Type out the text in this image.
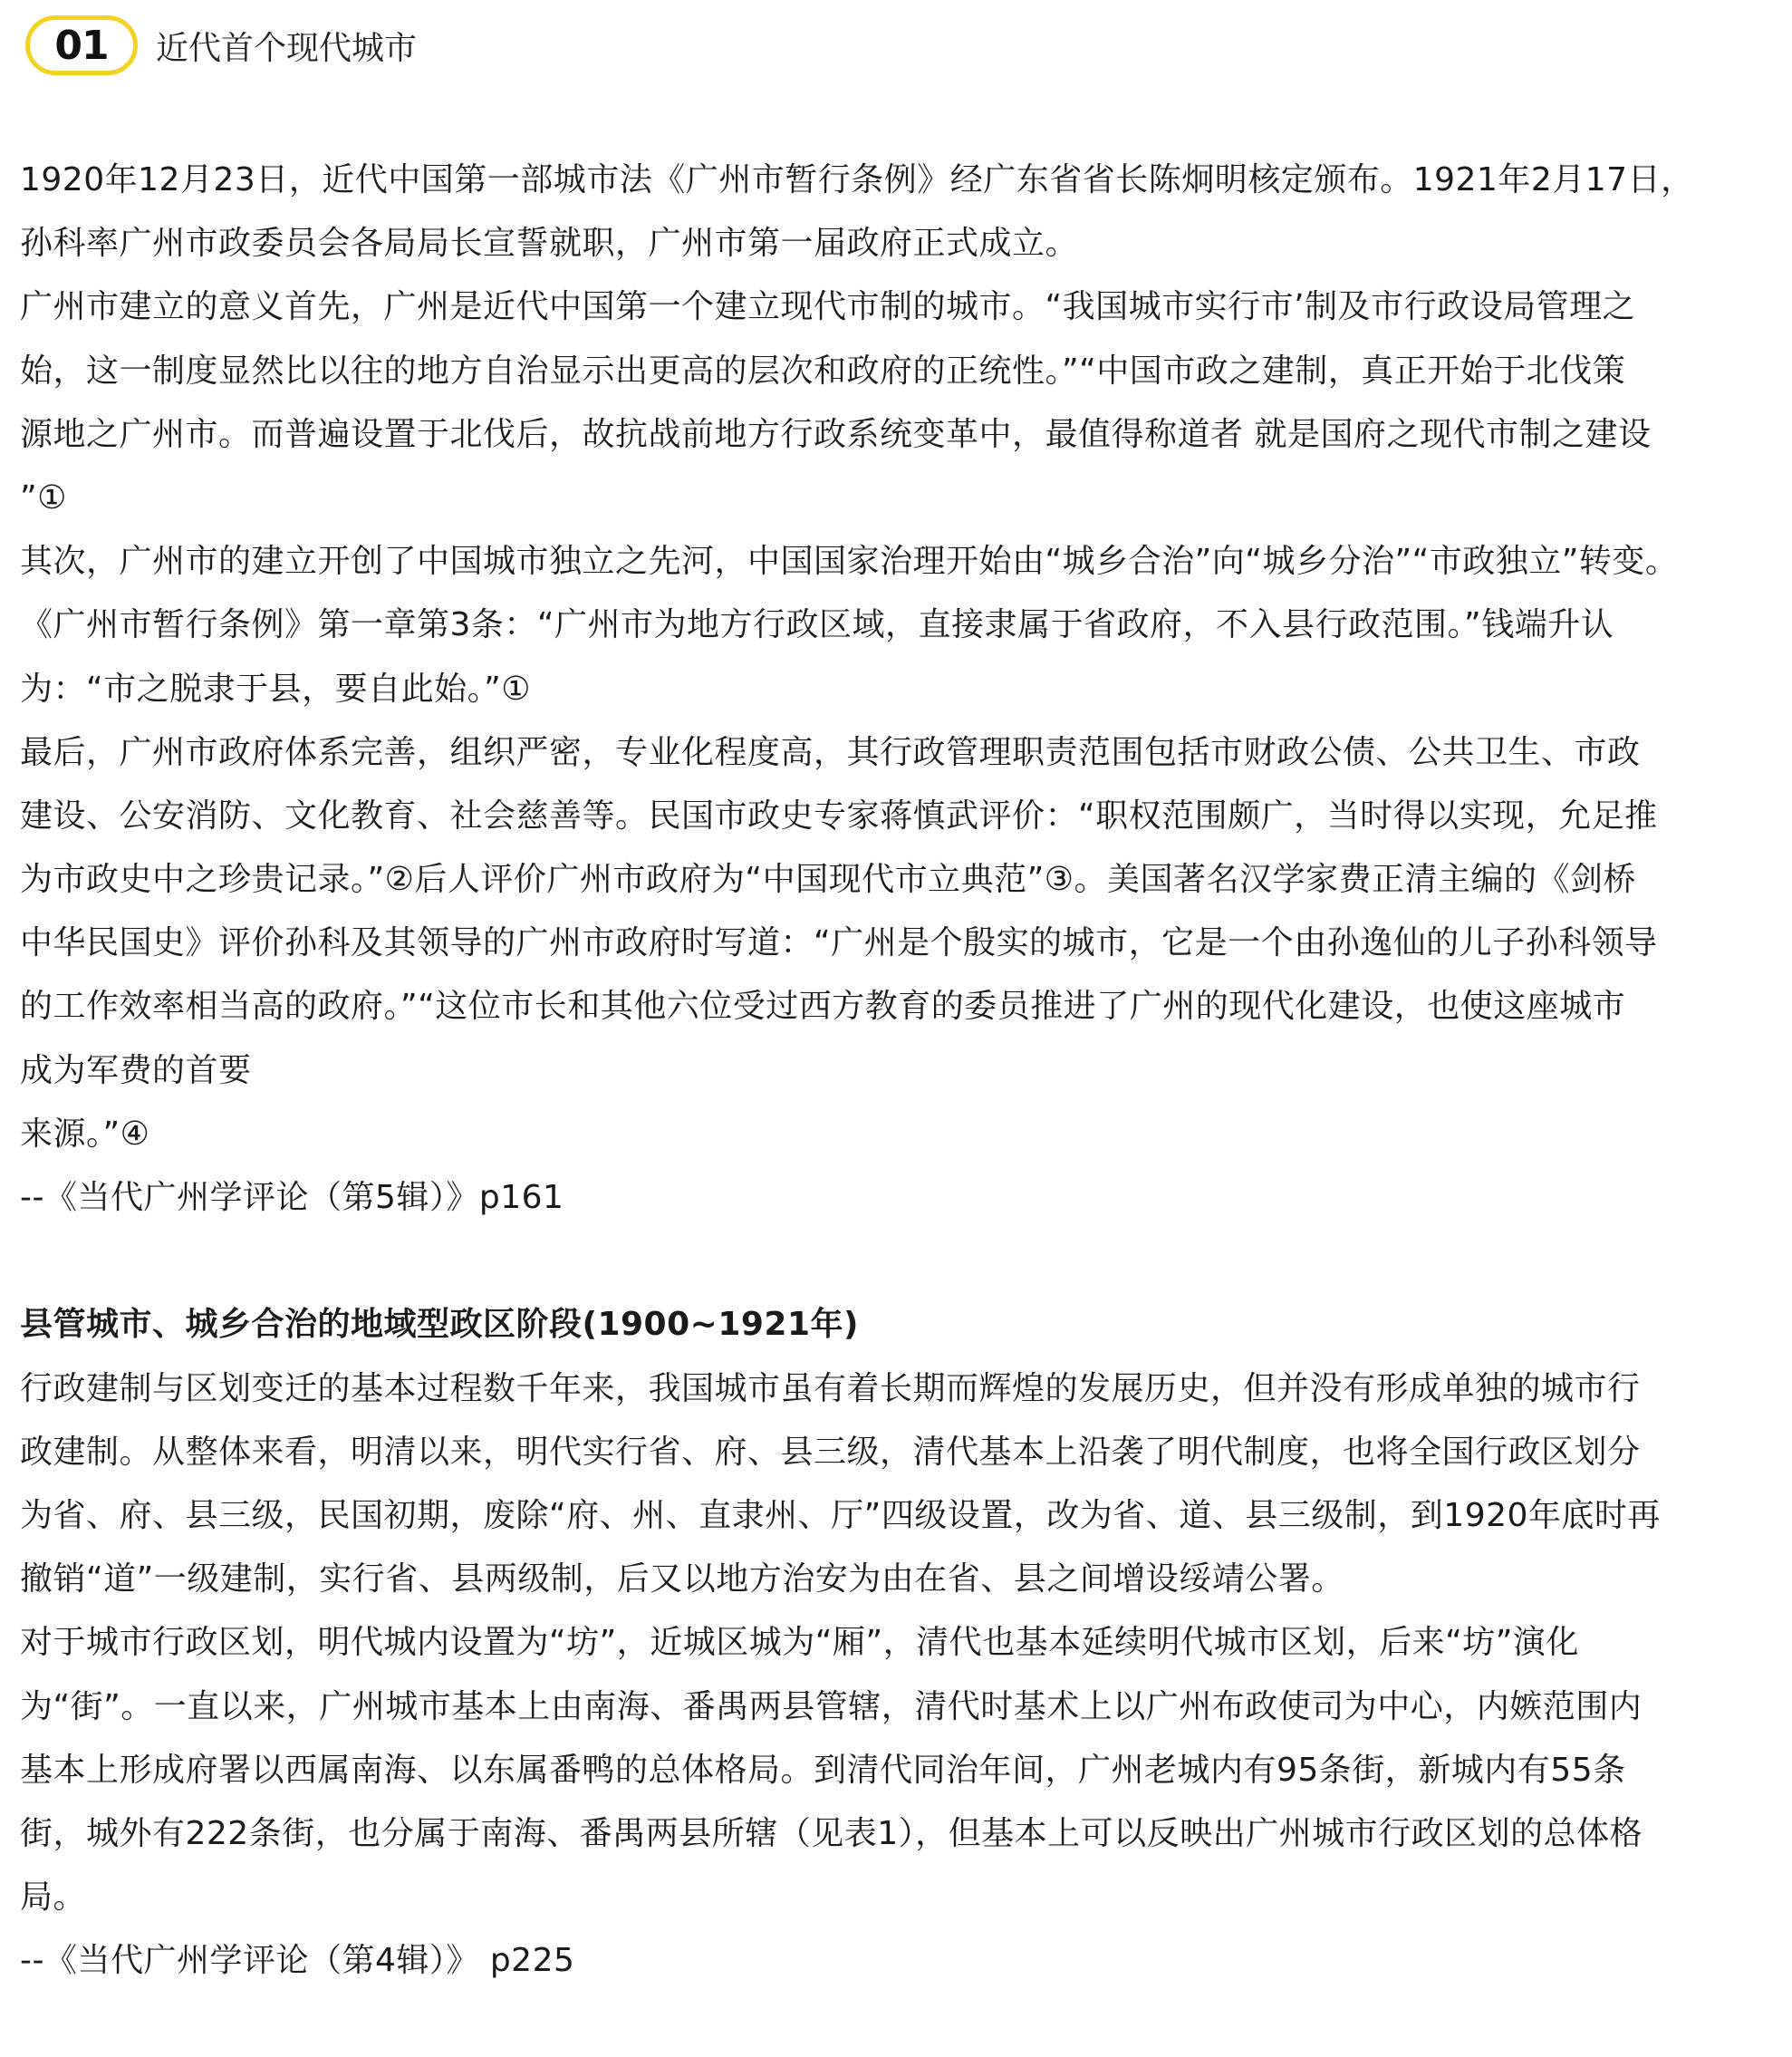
01	近代首个现代城市
1920年12月23日，近代中国第一部城市法《广州市暂行条例》经广东省省长陈炯明核定颁布。1921年2月17日，
孙科率广州市政委员会各局局长宣誓就职，广州市第一届政府正式成立。
广州市建立的意义首先，广州是近代中国第一个建立现代市制的城市。“我国城市实行市’制及市行政设局管理之
始，这一制度显然比以往的地方自治显示出更高的层次和政府的正统性。”“中国市政之建制，真正开始于北伐策
源地之广州市。而普遍设置于北伐后，故抗战前地方行政系统变革中，最值得称道者 就是国府之现代市制之建设
”①
其次，广州市的建立开创了中国城市独立之先河，中国国家治理开始由“城乡合治”向“城乡分治”“市政独立”转变。
《广州市暂行条例》第一章第3条：“广州市为地方行政区域，直接隶属于省政府，不入县行政范围。”钱端升认
为：“市之脱隶于县，要自此始。”①
最后，广州市政府体系完善，组织严密，专业化程度高，其行政管理职责范围包括市财政公债、公共卫生、市政
建设、公安消防、文化教育、社会慈善等。民国市政史专家蒋慎武评价：“职权范围颇广，当时得以实现，允足推
为市政史中之珍贵记录。”②后人评价广州市政府为“中国现代市立典范”③。美国著名汉学家费正清主编的《剑桥
中华民国史》评价孙科及其领导的广州市政府时写道：“广州是个殷实的城市，它是一个由孙逸仙的儿子孙科领导
的工作效率相当高的政府。”“这位市长和其他六位受过西方教育的委员推进了广州的现代化建设，也使这座城市
成为军费的首要
来源。”④
--《当代广州学评论（第5辑）》p161
县管城市、城乡合治的地域型政区阶段(1900~1921年)
行政建制与区划变迁的基本过程数千年来，我国城市虽有着长期而辉煌的发展历史，但并没有形成单独的城市行
政建制。从整体来看，明清以来，明代实行省、府、县三级，清代基本上沿袭了明代制度，也将全国行政区划分
为省、府、县三级，民国初期，废除“府、州、直隶州、厅”四级设置，改为省、道、县三级制，到1920年底时再
撤销“道”一级建制，实行省、县两级制，后又以地方治安为由在省、县之间增设绥靖公署。
对于城市行政区划，明代城内设置为“坊”，近城区城为“厢”，清代也基本延续明代城市区划，后来“坊”演化
为“街”。一直以来，广州城市基本上由南海、番禺两县管辖，清代时基术上以广州布政使司为中心，内嫉范围内
基本上形成府署以西属南海、以东属番鸭的总体格局。到清代同治年间，广州老城内有95条街，新城内有55条
街，城外有222条街，也分属于南海、番禺两县所辖（见表1），但基本上可以反映出广州城市行政区划的总体格
局。
--《当代广州学评论（第4辑）》 p225
